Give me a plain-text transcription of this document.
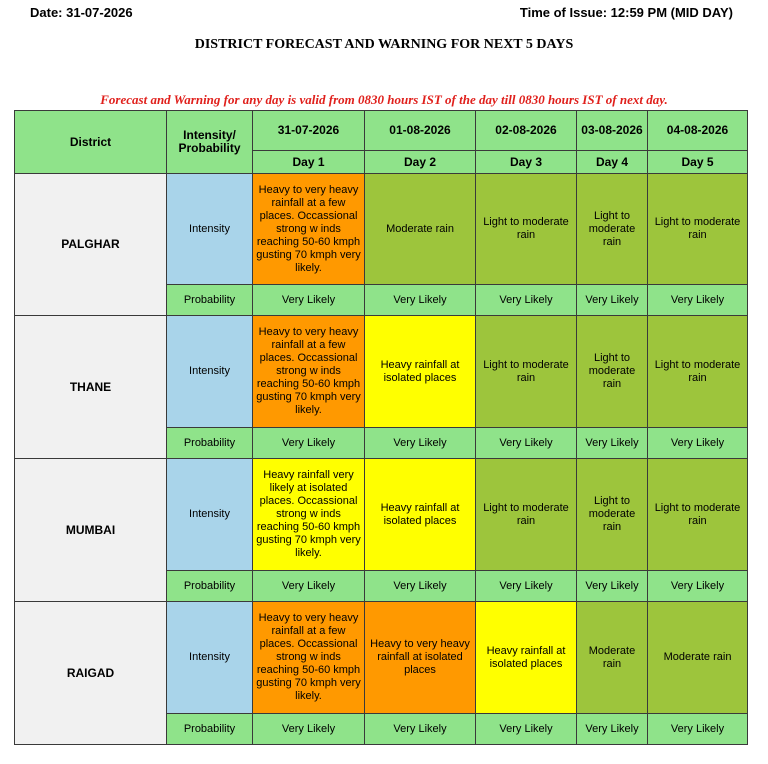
Date: 31-07-2026	Time of Issue: 12:59 PM (MID DAY)
DISTRICT FORECAST AND WARNING FOR NEXT 5 DAYS
Forecast and Warning for any day is valid from 0830 hours IST of the day till 0830 hours IST of next day.
District	Intensity/ Probability	31-07-2026	01-08-2026	02-08-2026	03-08-2026	04-08-2026
		Day 1	Day 2	Day 3	Day 4	Day 5
PALGHAR	Intensity	Heavy to very heavy rainfall at a few places. Occassional strong w inds reaching 50-60 kmph gusting 70 kmph very likely.	Moderate rain	Light to moderate rain	Light to moderate rain	Light to moderate rain
	Probability	Very Likely	Very Likely	Very Likely	Very Likely	Very Likely
THANE	Intensity	Heavy to very heavy rainfall at a few places. Occassional strong w inds reaching 50-60 kmph gusting 70 kmph very likely.	Heavy rainfall at isolated places	Light to moderate rain	Light to moderate rain	Light to moderate rain
	Probability	Very Likely	Very Likely	Very Likely	Very Likely	Very Likely
MUMBAI	Intensity	Heavy rainfall very likely at isolated places. Occassional strong w inds reaching 50-60 kmph gusting 70 kmph very likely.	Heavy rainfall at isolated places	Light to moderate rain	Light to moderate rain	Light to moderate rain
	Probability	Very Likely	Very Likely	Very Likely	Very Likely	Very Likely
RAIGAD	Intensity	Heavy to very heavy rainfall at a few places. Occassional strong w inds reaching 50-60 kmph gusting 70 kmph very likely.	Heavy to very heavy rainfall at isolated places	Heavy rainfall at isolated places	Moderate rain	Moderate rain
	Probability	Very Likely	Very Likely	Very Likely	Very Likely	Very Likely
